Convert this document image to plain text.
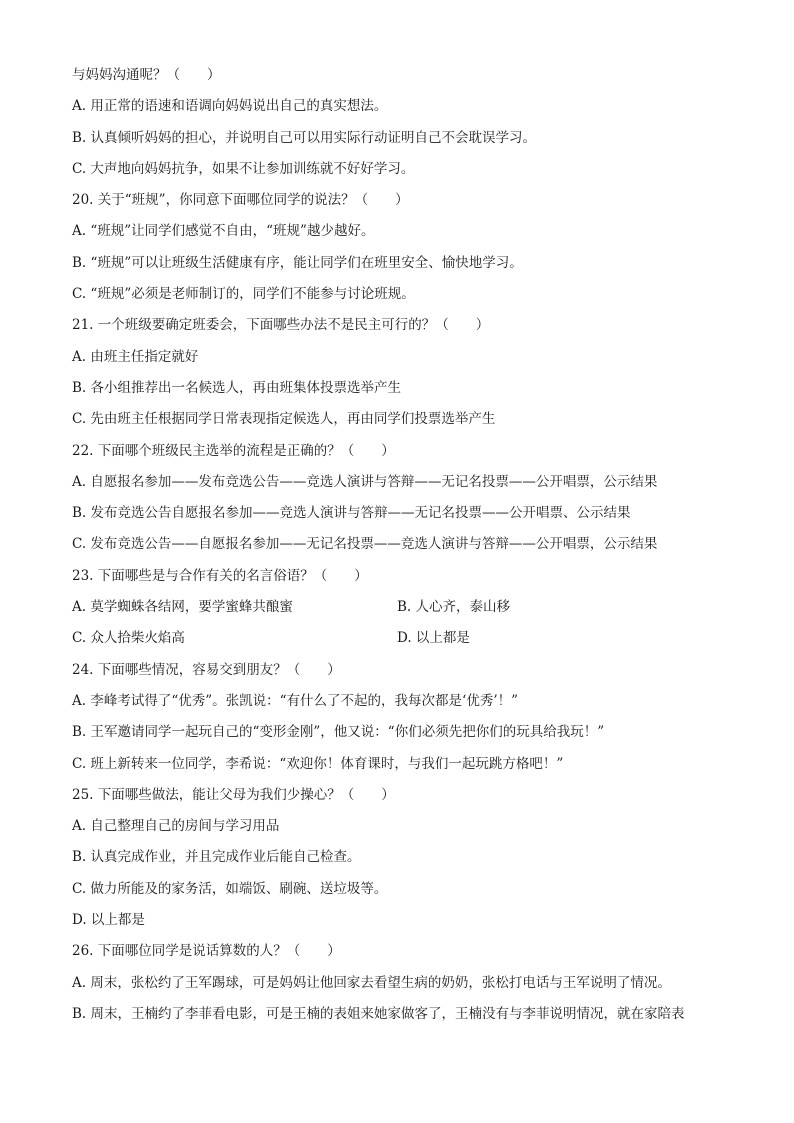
与妈妈沟通呢？（　　）
A. 用正常的语速和语调向妈妈说出自己的真实想法。
B. 认真倾听妈妈的担心，并说明自己可以用实际行动证明自己不会耽误学习。
C. 大声地向妈妈抗争，如果不让参加训练就不好好学习。
20. 关于“班规”，你同意下面哪位同学的说法？（　　）
A. “班规”让同学们感觉不自由，“班规”越少越好。
B. “班规”可以让班级生活健康有序，能让同学们在班里安全、愉快地学习。
C. “班规”必须是老师制订的，同学们不能参与讨论班规。
21. 一个班级要确定班委会，下面哪些办法不是民主可行的？（　　）
A. 由班主任指定就好
B. 各小组推荐出一名候选人，再由班集体投票选举产生
C. 先由班主任根据同学日常表现指定候选人，再由同学们投票选举产生
22. 下面哪个班级民主选举的流程是正确的？（　　）
A. 自愿报名参加——发布竞选公告——竞选人演讲与答辩——无记名投票——公开唱票，公示结果
B. 发布竞选公告自愿报名参加——竞选人演讲与答辩——无记名投票——公开唱票、公示结果
C. 发布竞选公告——自愿报名参加——无记名投票——竞选人演讲与答辩——公开唱票，公示结果
23. 下面哪些是与合作有关的名言俗语？（　　）
A. 莫学蜘蛛各结网，要学蜜蜂共酿蜜	B. 人心齐，泰山移
C. 众人拾柴火焰高	D. 以上都是
24. 下面哪些情况，容易交到朋友？（　　）
A. 李峰考试得了“优秀”。张凯说：“有什么了不起的，我每次都是‘优秀’！”
B. 王军邀请同学一起玩自己的“变形金刚”，他又说：“你们必须先把你们的玩具给我玩！”
C. 班上新转来一位同学，李希说：“欢迎你！体育课时，与我们一起玩跳方格吧！”
25. 下面哪些做法，能让父母为我们少操心？（　　）
A. 自己整理自己的房间与学习用品
B. 认真完成作业，并且完成作业后能自己检查。
C. 做力所能及的家务活，如端饭、刷碗、送垃圾等。
D. 以上都是
26. 下面哪位同学是说话算数的人？（　　）
A. 周末，张松约了王军踢球，可是妈妈让他回家去看望生病的奶奶，张松打电话与王军说明了情况。
B. 周末，王楠约了李菲看电影，可是王楠的表姐来她家做客了，王楠没有与李菲说明情况，就在家陪表
